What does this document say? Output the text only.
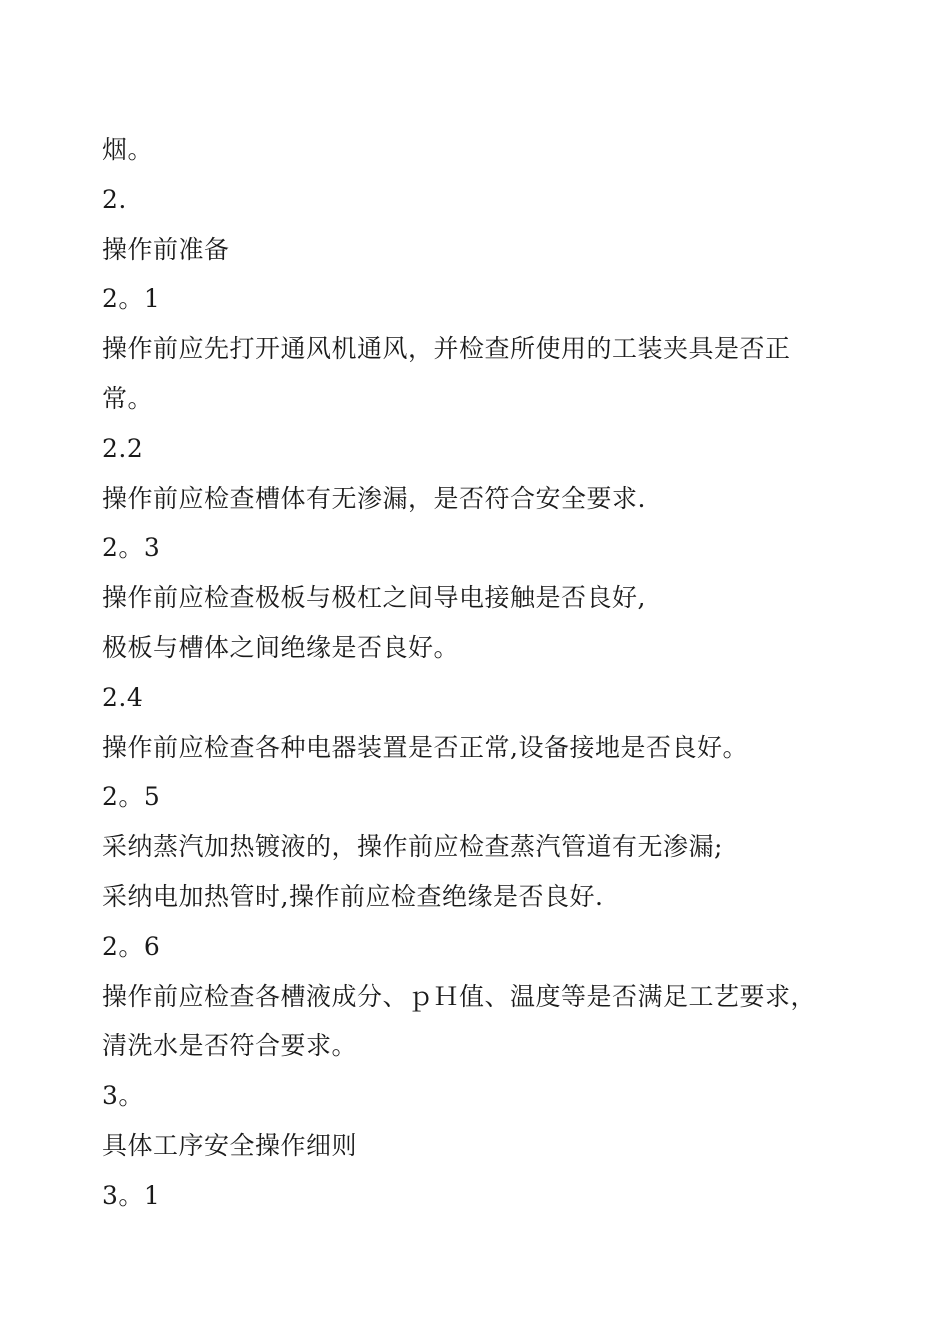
烟。
2.
操作前准备
2。1
操作前应先打开通风机通风，并检查所使用的工装夹具是否正
常。
2.2
操作前应检查槽体有无渗漏，是否符合安全要求.
2。3
操作前应检查极板与极杠之间导电接触是否良好,
极板与槽体之间绝缘是否良好。
2.4
操作前应检查各种电器装置是否正常,设备接地是否良好。
2。5
采纳蒸汽加热镀液的，操作前应检查蒸汽管道有无渗漏;
采纳电加热管时,操作前应检查绝缘是否良好.
2。6
操作前应检查各槽液成分、ｐＨ值、温度等是否满足工艺要求，
清洗水是否符合要求。
3。
具体工序安全操作细则
3。1
